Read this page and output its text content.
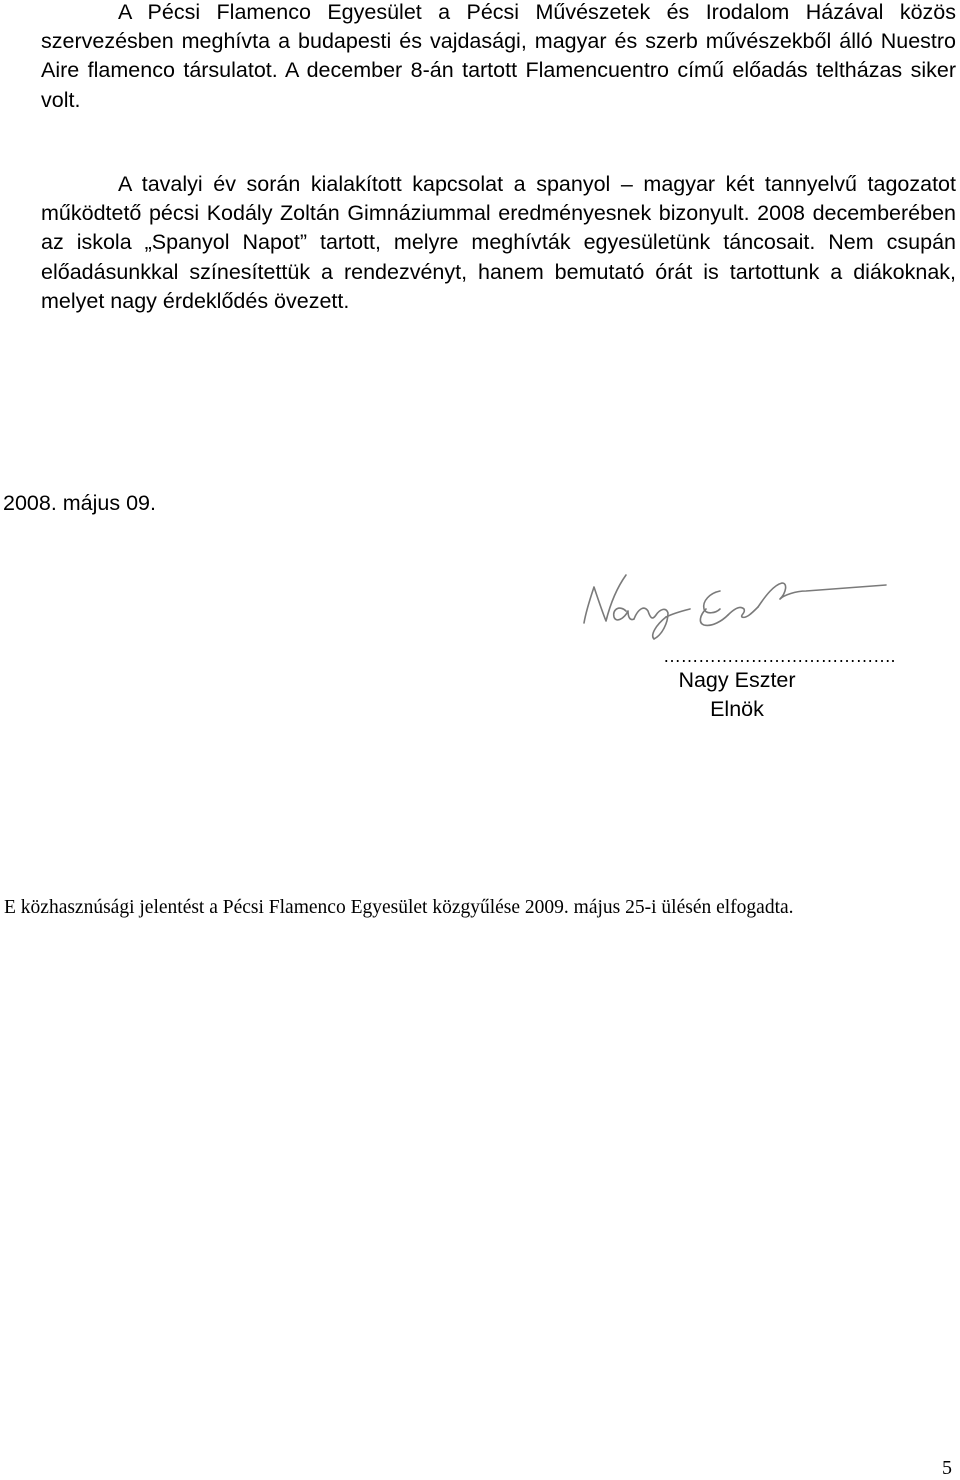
A Pécsi Flamenco Egyesület a Pécsi Művészetek és Irodalom Házával közös szervezésben meghívta a budapesti és vajdasági, magyar és szerb művészekből álló Nuestro Aire flamenco társulatot. A december 8-án tartott Flamencuentro című előadás teltházas siker volt.

A tavalyi év során kialakított kapcsolat a spanyol – magyar két tannyelvű tagozatot működtető pécsi Kodály Zoltán Gimnáziummal eredményesnek bizonyult. 2008 decemberében az iskola „Spanyol Napot” tartott, melyre meghívták egyesületünk táncosait. Nem csupán előadásunkkal színesítettük a rendezvényt, hanem bemutató órát is tartottunk a diákoknak, melyet nagy érdeklődés övezett.

2008. május 09.

………………………………….

Nagy Eszter

Elnök

E közhasznúsági jelentést a Pécsi Flamenco Egyesület közgyűlése 2009. május 25-i ülésén elfogadta.

5
